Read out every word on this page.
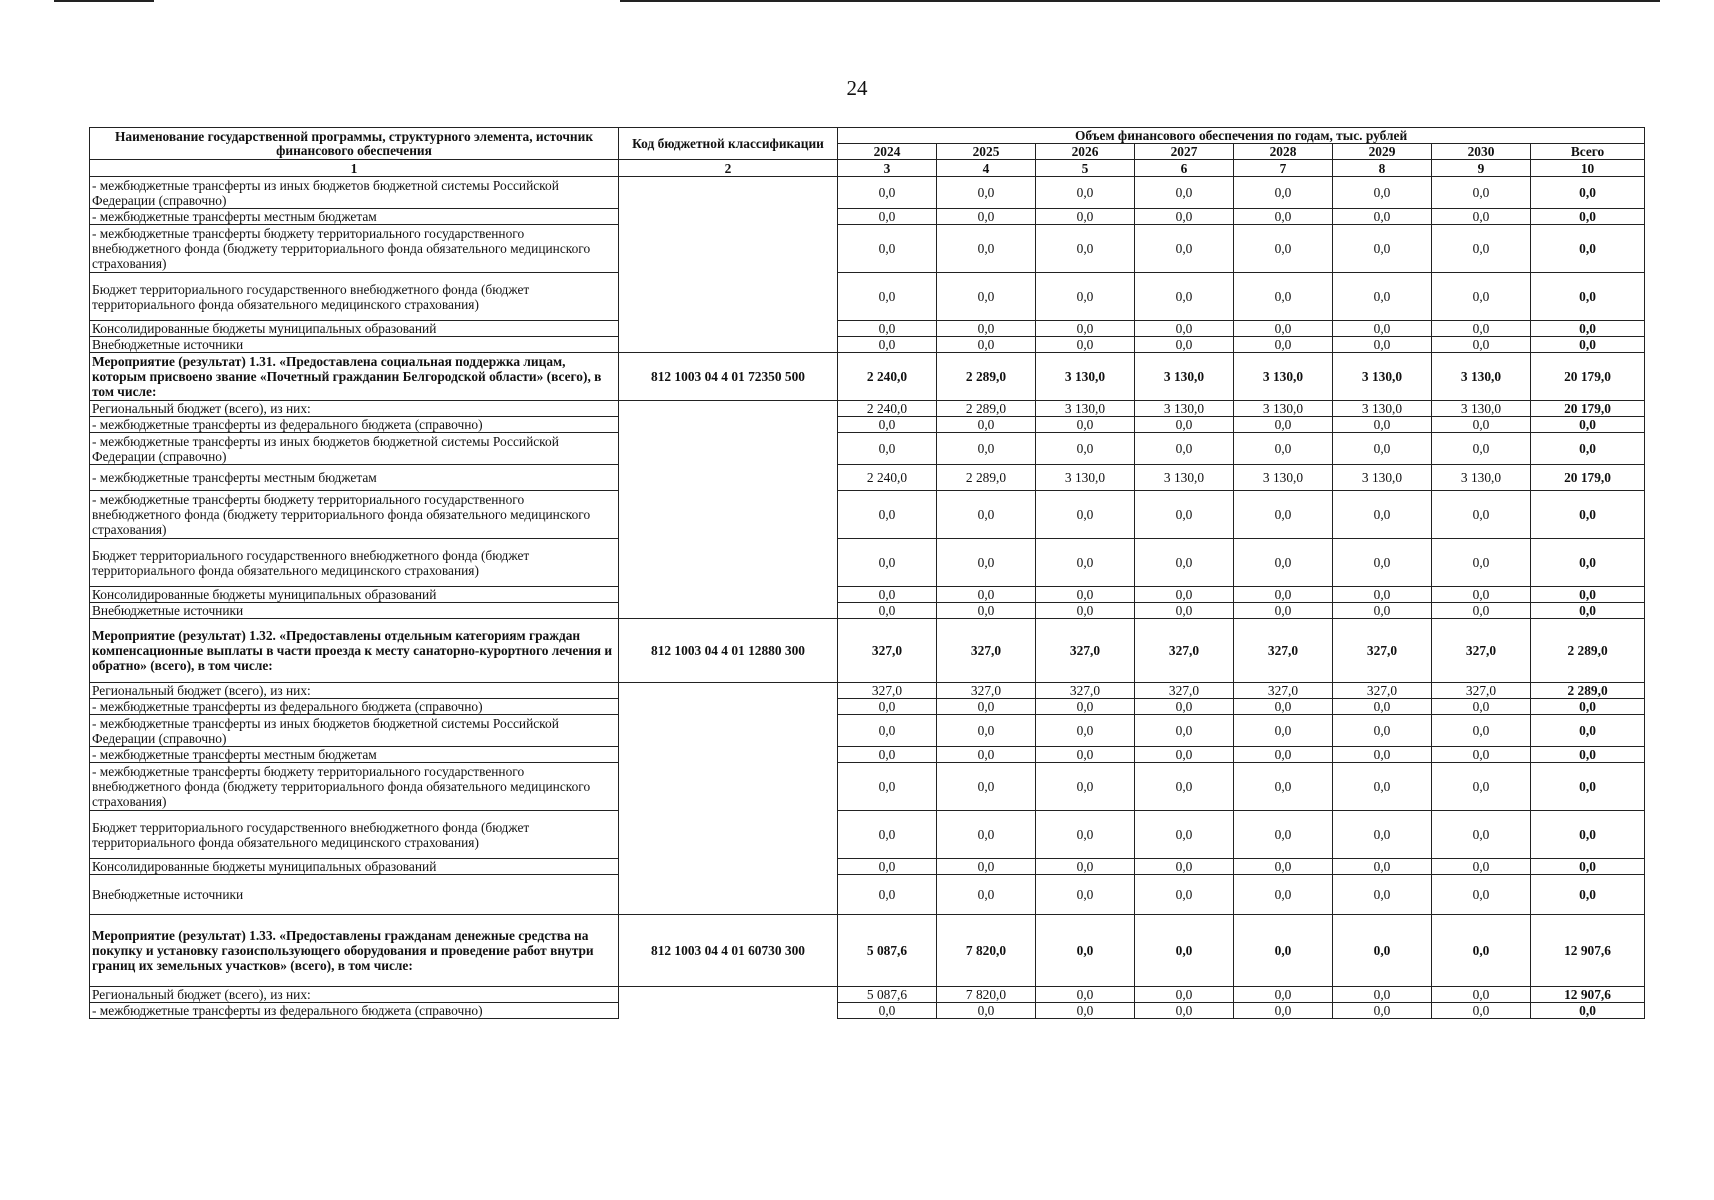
24
Наименование государственной программы, структурного элемента, источник финансового обеспечения	Код бюджетной классификации	Объем финансового обеспечения по годам, тыс. рублей							
		2024	2025	2026	2027	2028	2029	2030	Всего
1	2	3	4	5	6	7	8	9	10
- межбюджетные трансферты из иных бюджетов бюджетной системы Российской Федерации (справочно)		0,0	0,0	0,0	0,0	0,0	0,0	0,0	0,0
- межбюджетные трансферты местным бюджетам		0,0	0,0	0,0	0,0	0,0	0,0	0,0	0,0
- межбюджетные трансферты бюджету территориального государственного внебюджетного фонда (бюджету территориального фонда обязательного медицинского страхования)		0,0	0,0	0,0	0,0	0,0	0,0	0,0	0,0
Бюджет территориального государственного внебюджетного фонда (бюджет территориального фонда обязательного медицинского страхования)		0,0	0,0	0,0	0,0	0,0	0,0	0,0	0,0
Консолидированные бюджеты муниципальных образований		0,0	0,0	0,0	0,0	0,0	0,0	0,0	0,0
Внебюджетные источники		0,0	0,0	0,0	0,0	0,0	0,0	0,0	0,0
Мероприятие (результат) 1.31. «Предоставлена социальная поддержка лицам, которым присвоено звание «Почетный гражданин Белгородской области» (всего), в том числе:	812 1003 04 4 01 72350 500	2 240,0	2 289,0	3 130,0	3 130,0	3 130,0	3 130,0	3 130,0	20 179,0
Региональный бюджет (всего), из них:		2 240,0	2 289,0	3 130,0	3 130,0	3 130,0	3 130,0	3 130,0	20 179,0
- межбюджетные трансферты из федерального бюджета (справочно)		0,0	0,0	0,0	0,0	0,0	0,0	0,0	0,0
- межбюджетные трансферты из иных бюджетов бюджетной системы Российской Федерации (справочно)		0,0	0,0	0,0	0,0	0,0	0,0	0,0	0,0
- межбюджетные трансферты местным бюджетам		2 240,0	2 289,0	3 130,0	3 130,0	3 130,0	3 130,0	3 130,0	20 179,0
- межбюджетные трансферты бюджету территориального государственного внебюджетного фонда (бюджету территориального фонда обязательного медицинского страхования)		0,0	0,0	0,0	0,0	0,0	0,0	0,0	0,0
Бюджет территориального государственного внебюджетного фонда (бюджет территориального фонда обязательного медицинского страхования)		0,0	0,0	0,0	0,0	0,0	0,0	0,0	0,0
Консолидированные бюджеты муниципальных образований		0,0	0,0	0,0	0,0	0,0	0,0	0,0	0,0
Внебюджетные источники		0,0	0,0	0,0	0,0	0,0	0,0	0,0	0,0
Мероприятие (результат) 1.32. «Предоставлены отдельным категориям граждан компенсационные выплаты в части проезда к месту санаторно-курортного лечения и обратно» (всего), в том числе:	812 1003 04 4 01 12880 300	327,0	327,0	327,0	327,0	327,0	327,0	327,0	2 289,0
Региональный бюджет (всего), из них:		327,0	327,0	327,0	327,0	327,0	327,0	327,0	2 289,0
- межбюджетные трансферты из федерального бюджета (справочно)		0,0	0,0	0,0	0,0	0,0	0,0	0,0	0,0
- межбюджетные трансферты из иных бюджетов бюджетной системы Российской Федерации (справочно)		0,0	0,0	0,0	0,0	0,0	0,0	0,0	0,0
- межбюджетные трансферты местным бюджетам		0,0	0,0	0,0	0,0	0,0	0,0	0,0	0,0
- межбюджетные трансферты бюджету территориального государственного внебюджетного фонда (бюджету территориального фонда обязательного медицинского страхования)		0,0	0,0	0,0	0,0	0,0	0,0	0,0	0,0
Бюджет территориального государственного внебюджетного фонда (бюджет территориального фонда обязательного медицинского страхования)		0,0	0,0	0,0	0,0	0,0	0,0	0,0	0,0
Консолидированные бюджеты муниципальных образований		0,0	0,0	0,0	0,0	0,0	0,0	0,0	0,0
Внебюджетные источники		0,0	0,0	0,0	0,0	0,0	0,0	0,0	0,0
Мероприятие (результат) 1.33. «Предоставлены гражданам денежные средства на покупку и установку газоиспользующего оборудования и проведение работ внутри границ их земельных участков» (всего), в том числе:	812 1003 04 4 01 60730 300	5 087,6	7 820,0	0,0	0,0	0,0	0,0	0,0	12 907,6
Региональный бюджет (всего), из них:		5 087,6	7 820,0	0,0	0,0	0,0	0,0	0,0	12 907,6
- межбюджетные трансферты из федерального бюджета (справочно)		0,0	0,0	0,0	0,0	0,0	0,0	0,0	0,0
